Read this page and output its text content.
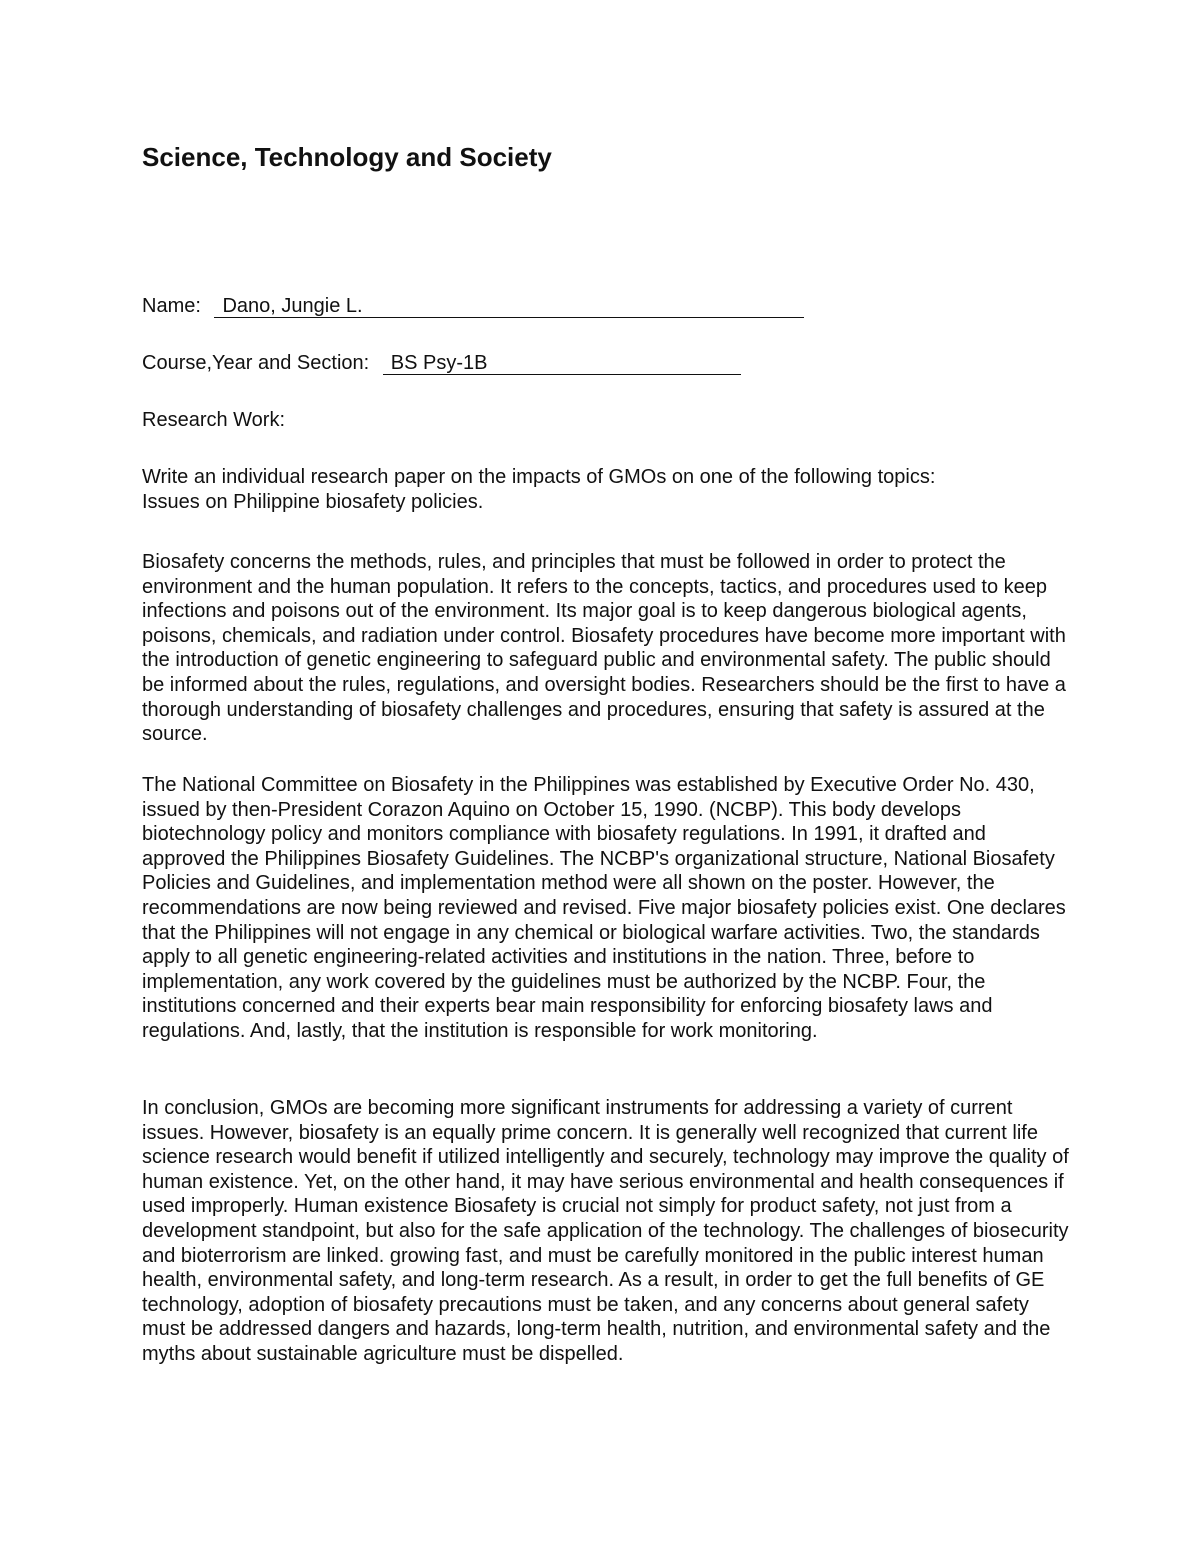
Science, Technology and Society
Name: Dano, Jungie L.
Course,Year and Section: BS Psy-1B
Research Work:

Write an individual research paper on the impacts of GMOs on one of the following topics:

Issues on Philippine biosafety policies.

Biosafety concerns the methods, rules, and principles that must be followed in order to protect the environment and the human population. It refers to the concepts, tactics, and procedures used to keep infections and poisons out of the environment. Its major goal is to keep dangerous biological agents, poisons, chemicals, and radiation under control. Biosafety procedures have become more important with the introduction of genetic engineering to safeguard public and environmental safety. The public should be informed about the rules, regulations, and oversight bodies. Researchers should be the first to have a thorough understanding of biosafety challenges and procedures, ensuring that safety is assured at the source.

The National Committee on Biosafety in the Philippines was established by Executive Order No. 430, issued by then-President Corazon Aquino on October 15, 1990. (NCBP). This body develops biotechnology policy and monitors compliance with biosafety regulations. In 1991, it drafted and approved the Philippines Biosafety Guidelines. The NCBP's organizational structure, National Biosafety Policies and Guidelines, and implementation method were all shown on the poster. However, the recommendations are now being reviewed and revised. Five major biosafety policies exist. One declares that the Philippines will not engage in any chemical or biological warfare activities. Two, the standards apply to all genetic engineering-related activities and institutions in the nation. Three, before to implementation, any work covered by the guidelines must be authorized by the NCBP. Four, the institutions concerned and their experts bear main responsibility for enforcing biosafety laws and regulations. And, lastly, that the institution is responsible for work monitoring.

In conclusion, GMOs are becoming more significant instruments for addressing a variety of current issues. However, biosafety is an equally prime concern. It is generally well recognized that current life science research would benefit if utilized intelligently and securely, technology may improve the quality of human existence. Yet, on the other hand, it may have serious environmental and health consequences if used improperly. Human existence Biosafety is crucial not simply for product safety, not just from a development standpoint, but also for the safe application of the technology. The challenges of biosecurity and bioterrorism are linked. growing fast, and must be carefully monitored in the public interest human health, environmental safety, and long-term research. As a result, in order to get the full benefits of GE technology, adoption of biosafety precautions must be taken, and any concerns about general safety must be addressed dangers and hazards, long-term health, nutrition, and environmental safety and the myths about sustainable agriculture must be dispelled.
